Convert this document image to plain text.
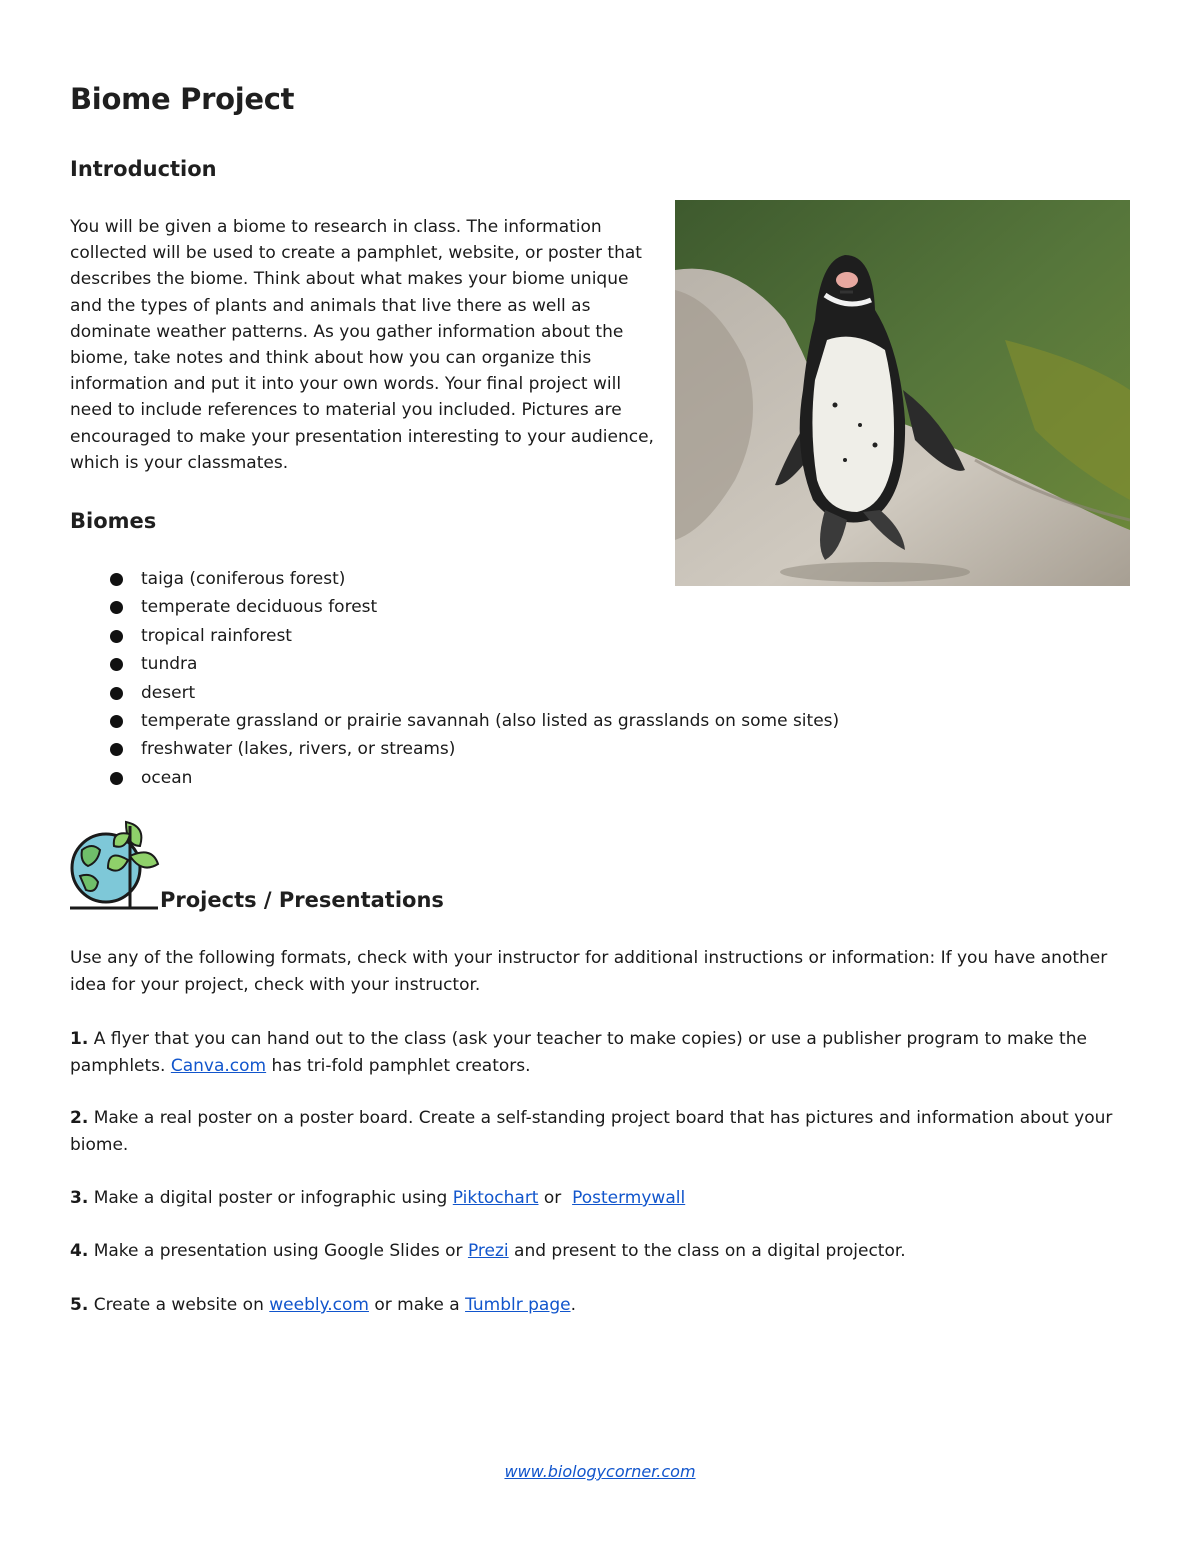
Biome Project
Introduction

You will be given a biome to research in class. The information collected will be used to create a pamphlet, website, or poster that describes the biome. Think about what makes your biome unique and the types of plants and animals that live there as well as dominate weather patterns. As you gather information about the biome, take notes and think about how you can organize this information and put it into your own words. Your final project will need to include references to material you included. Pictures are encouraged to make your presentation interesting to your audience, which is your classmates.

Biomes
taiga (coniferous forest)
temperate deciduous forest
tropical rainforest
tundra
desert
temperate grassland or prairie savannah (also listed as grasslands on some sites)
freshwater (lakes, rivers, or streams)
ocean
Projects / Presentations

Use any of the following formats, check with your instructor for additional instructions or information: If you have another idea for your project, check with your instructor.

1. A flyer that you can hand out to the class (ask your teacher to make copies) or use a publisher program to make the pamphlets. Canva.com has tri-fold pamphlet creators.

2. Make a real poster on a poster board. Create a self-standing project board that has pictures and information about your biome.

3. Make a digital poster or infographic using Piktochart or  Postermywall

4. Make a presentation using Google Slides or Prezi and present to the class on a digital projector.

5. Create a website on weebly.com or make a Tumblr page.

www.biologycorner.com
